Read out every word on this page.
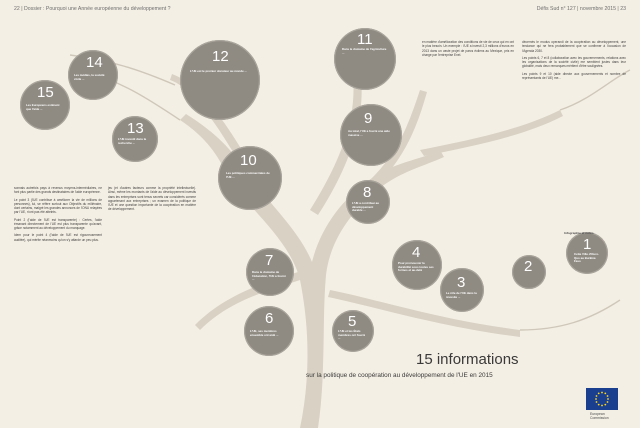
22 | Dossier : Pourquoi une Année européenne du développement ?	Défis Sud n° 127 | novembre 2015 | 23
1
Cette Ville d'Ouro-Quo au Burkina Faso
2
3
Le rôle de l'UE dans la réussite ...
4
Pour promouvoir la durabilité sous toutes ses formes et au-delà
5
L'UE et les États membres ont fourni ...
6
L'UE, ses membres ensemble ont aidé ...
7
Dans le domaine de l'éducation, l'UE a fourni ...
8
L'UE a contribué au développement durable ...
9
Au total, l'UE a fourni une aide massive ...
10
Les politiques commerciales de l'UE ...
11
Dans le domaine de l'agriculture ...
12
L'UE est le premier donateur au monde ...
13
L'UE investit dans la recherche ...
14
Les médias, la société civile ...
15
Les Européens estiment que l'aide ...

sonnais autrefois pays à revenus moyens-intermédiaires, ne font plus partie des grands destinataires de l'aide européenne.

Le point 3 (l'UE contribue à améliorer la vie de millions de personnes), lui, se réfère surtout aux Objectifs du millénaire, dont certains, malgré les grandes annonces de l'ONU relayées par l'UE, n'ont pas été atteints.

Point 2 (l'aide de l'UE est transparente) : Certes, l'aide émanant directement de l'UE est plus transparente qu'avant, grâce notamment au développement du marquage.

Idem pour le point 4 (l'aide de l'UE est rigoureusement auditée), qui mérite néanmoins qu'on s'y attarde un peu plus.

jeu (et d'autres facteurs comme la propriété intellectuelle). Ainsi, même les montants de l'aide au développement investis dans les entreprises sont tenus secrets car considérés comme appartenant aux entreprises ; un examen de la politique de l'UE et une question importante de la coopération en matière de développement.

en matière d'amélioration des conditions de vie de ceux qui en ont le plus besoin. Un exemple : l'UE a investi 2,3 millions d'euros en 2013 dans un vaste projet de parcs éoliens au Mexique, pris en charge par l'entreprise Enel.

décernés le modus operandi de la coopération au développement, une tendance qui ne fera probablement que se confirmer à l'occasion de l'Agenda 2030.

Les points 6, 7 et 8 (collaboration avec les gouvernements, relations avec les organisations de la société civile) me semblent justes dans leur globalité, mais deux remarques méritent d'être soulignées.

Les points 9 et 10 (aide directe aux gouvernements et nombre de représentants de l'UE) me...

Infographie et notes
15 informations
sur la politique de coopération au développement de l'UE en 2015
European
Commission
